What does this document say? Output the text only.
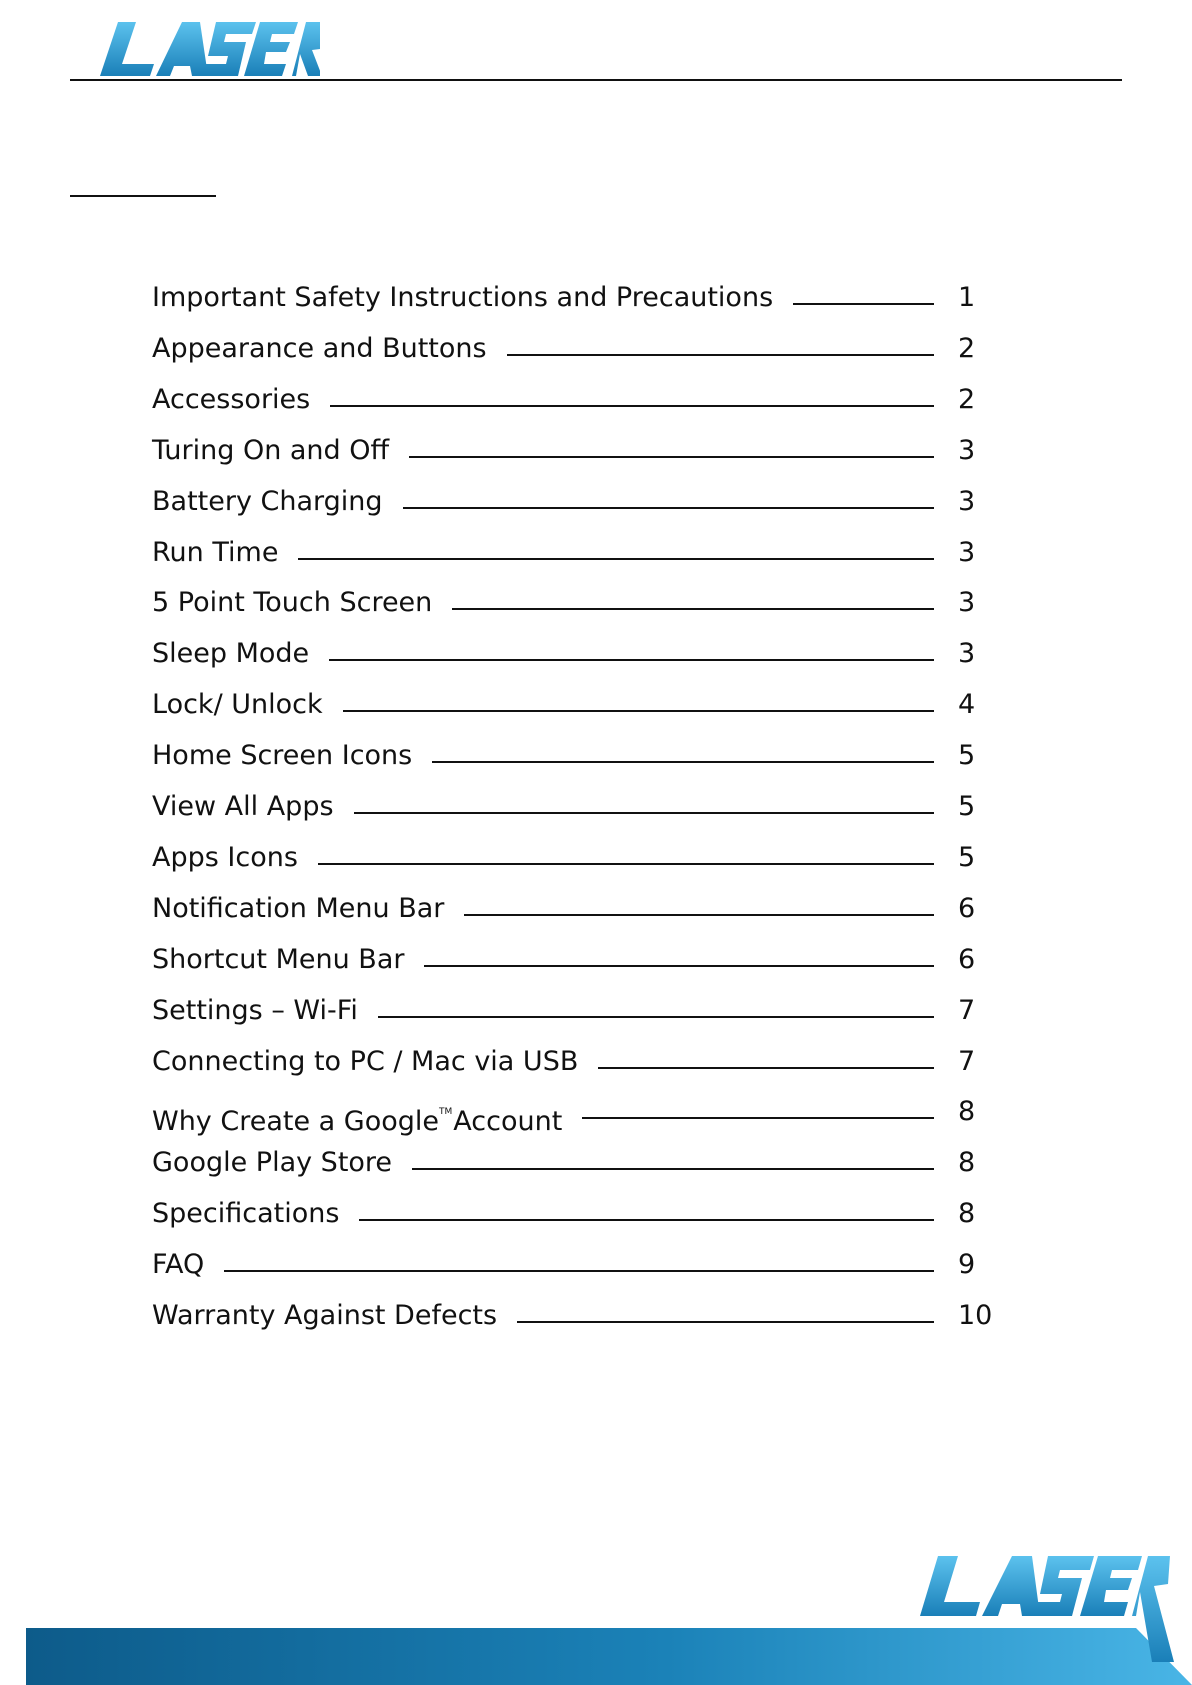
Important Safety Instructions and Precautions	1
Appearance and Buttons	2
Accessories	2
Turing On and Off	3
Battery Charging	3
Run Time	3
5 Point Touch Screen	3
Sleep Mode	3
Lock/ Unlock	4
Home Screen Icons	5
View All Apps	5
Apps Icons	5
Notification Menu Bar	6
Shortcut Menu Bar	6
Settings – Wi-Fi	7
Connecting to PC / Mac via USB	7
Why Create a Google™Account	8
Google Play Store	8
Specifications	8
FAQ	9
Warranty Against Defects	10
